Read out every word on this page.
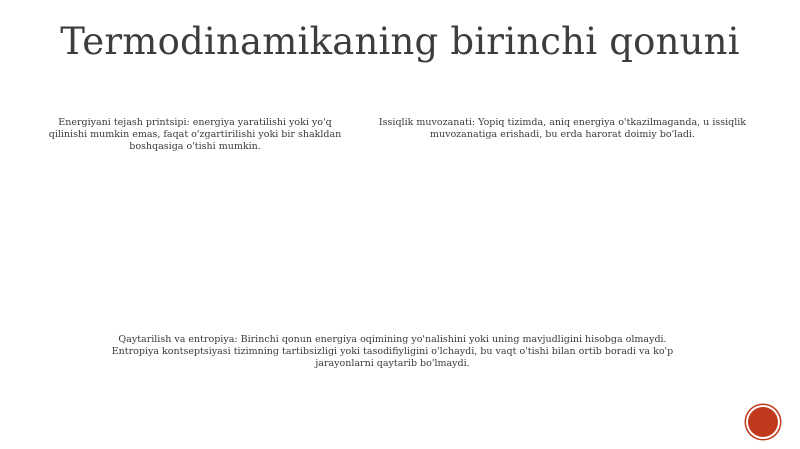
Termodinamikaning birinchi qonuni
Energiyani tejash printsipi: energiya yaratilishi yoki yo'q qilinishi mumkin emas, faqat o'zgartirilishi yoki bir shakldan boshqasiga o'tishi mumkin.
Issiqlik muvozanati: Yopiq tizimda, aniq energiya o'tkazilmaganda, u issiqlik muvozanatiga erishadi, bu erda harorat doimiy bo'ladi.
Qaytarilish va entropiya: Birinchi qonun energiya oqimining yo'nalishini yoki uning mavjudligini hisobga olmaydi. Entropiya kontseptsiyasi tizimning tartibsizligi yoki tasodifiyligini o'lchaydi, bu vaqt o'tishi bilan ortib boradi va ko'p jarayonlarni qaytarib bo'lmaydi.
